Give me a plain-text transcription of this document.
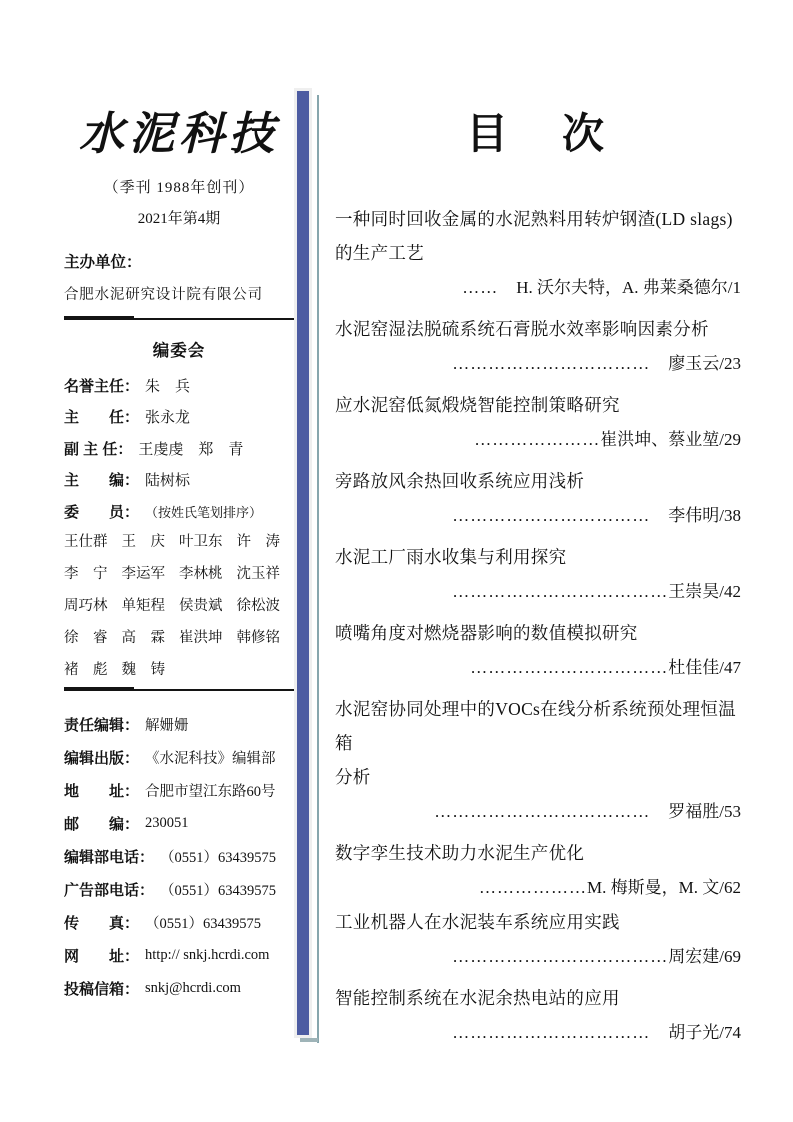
水泥科技
（季刊 1988年创刊）
2021年第4期
主办单位：
合肥水泥研究设计院有限公司
编委会
名誉主任： 朱　兵
主　　任： 张永龙
副 主 任： 王虔虔　郑　青
主　　编： 陆树标
委　　员： （按姓氏笔划排序）
王仕群 王　庆 叶卫东 许　涛
李　宁 李运军 李林桃 沈玉祥
周巧林 单矩程 侯贵斌 徐松波
徐　睿 高　霖 崔洪坤 韩修铭
褚　彪 魏　铸
责任编辑： 解姗姗
编辑出版： 《水泥科技》编辑部
地　　址： 合肥市望江东路60号
邮　　编： 230051
编辑部电话： （0551）63439575
广告部电话： （0551）63439575
传　　真： （0551）63439575
网　　址： http:// snkj.hcrdi.com
投稿信箱： snkj@hcrdi.com
目　次
一种同时回收金属的水泥熟料用转炉钢渣(LD slags)
的生产工艺
……　H. 沃尔夫特，A. 弗莱桑德尔/1
水泥窑湿法脱硫系统石膏脱水效率影响因素分析
……………………………　廖玉云/23
应水泥窑低氮煅烧智能控制策略研究
…………………崔洪坤、蔡业堃/29
旁路放风余热回收系统应用浅析
……………………………　李伟明/38
水泥工厂雨水收集与利用探究
………………………………王崇昊/42
喷嘴角度对燃烧器影响的数值模拟研究
……………………………杜佳佳/47
水泥窑协同处理中的VOCs在线分析系统预处理恒温箱
分析
………………………………　罗福胜/53
数字孪生技术助力水泥生产优化
………………M. 梅斯曼，M. 文/62
工业机器人在水泥装车系统应用实践
………………………………周宏建/69
智能控制系统在水泥余热电站的应用
……………………………　胡子光/74
